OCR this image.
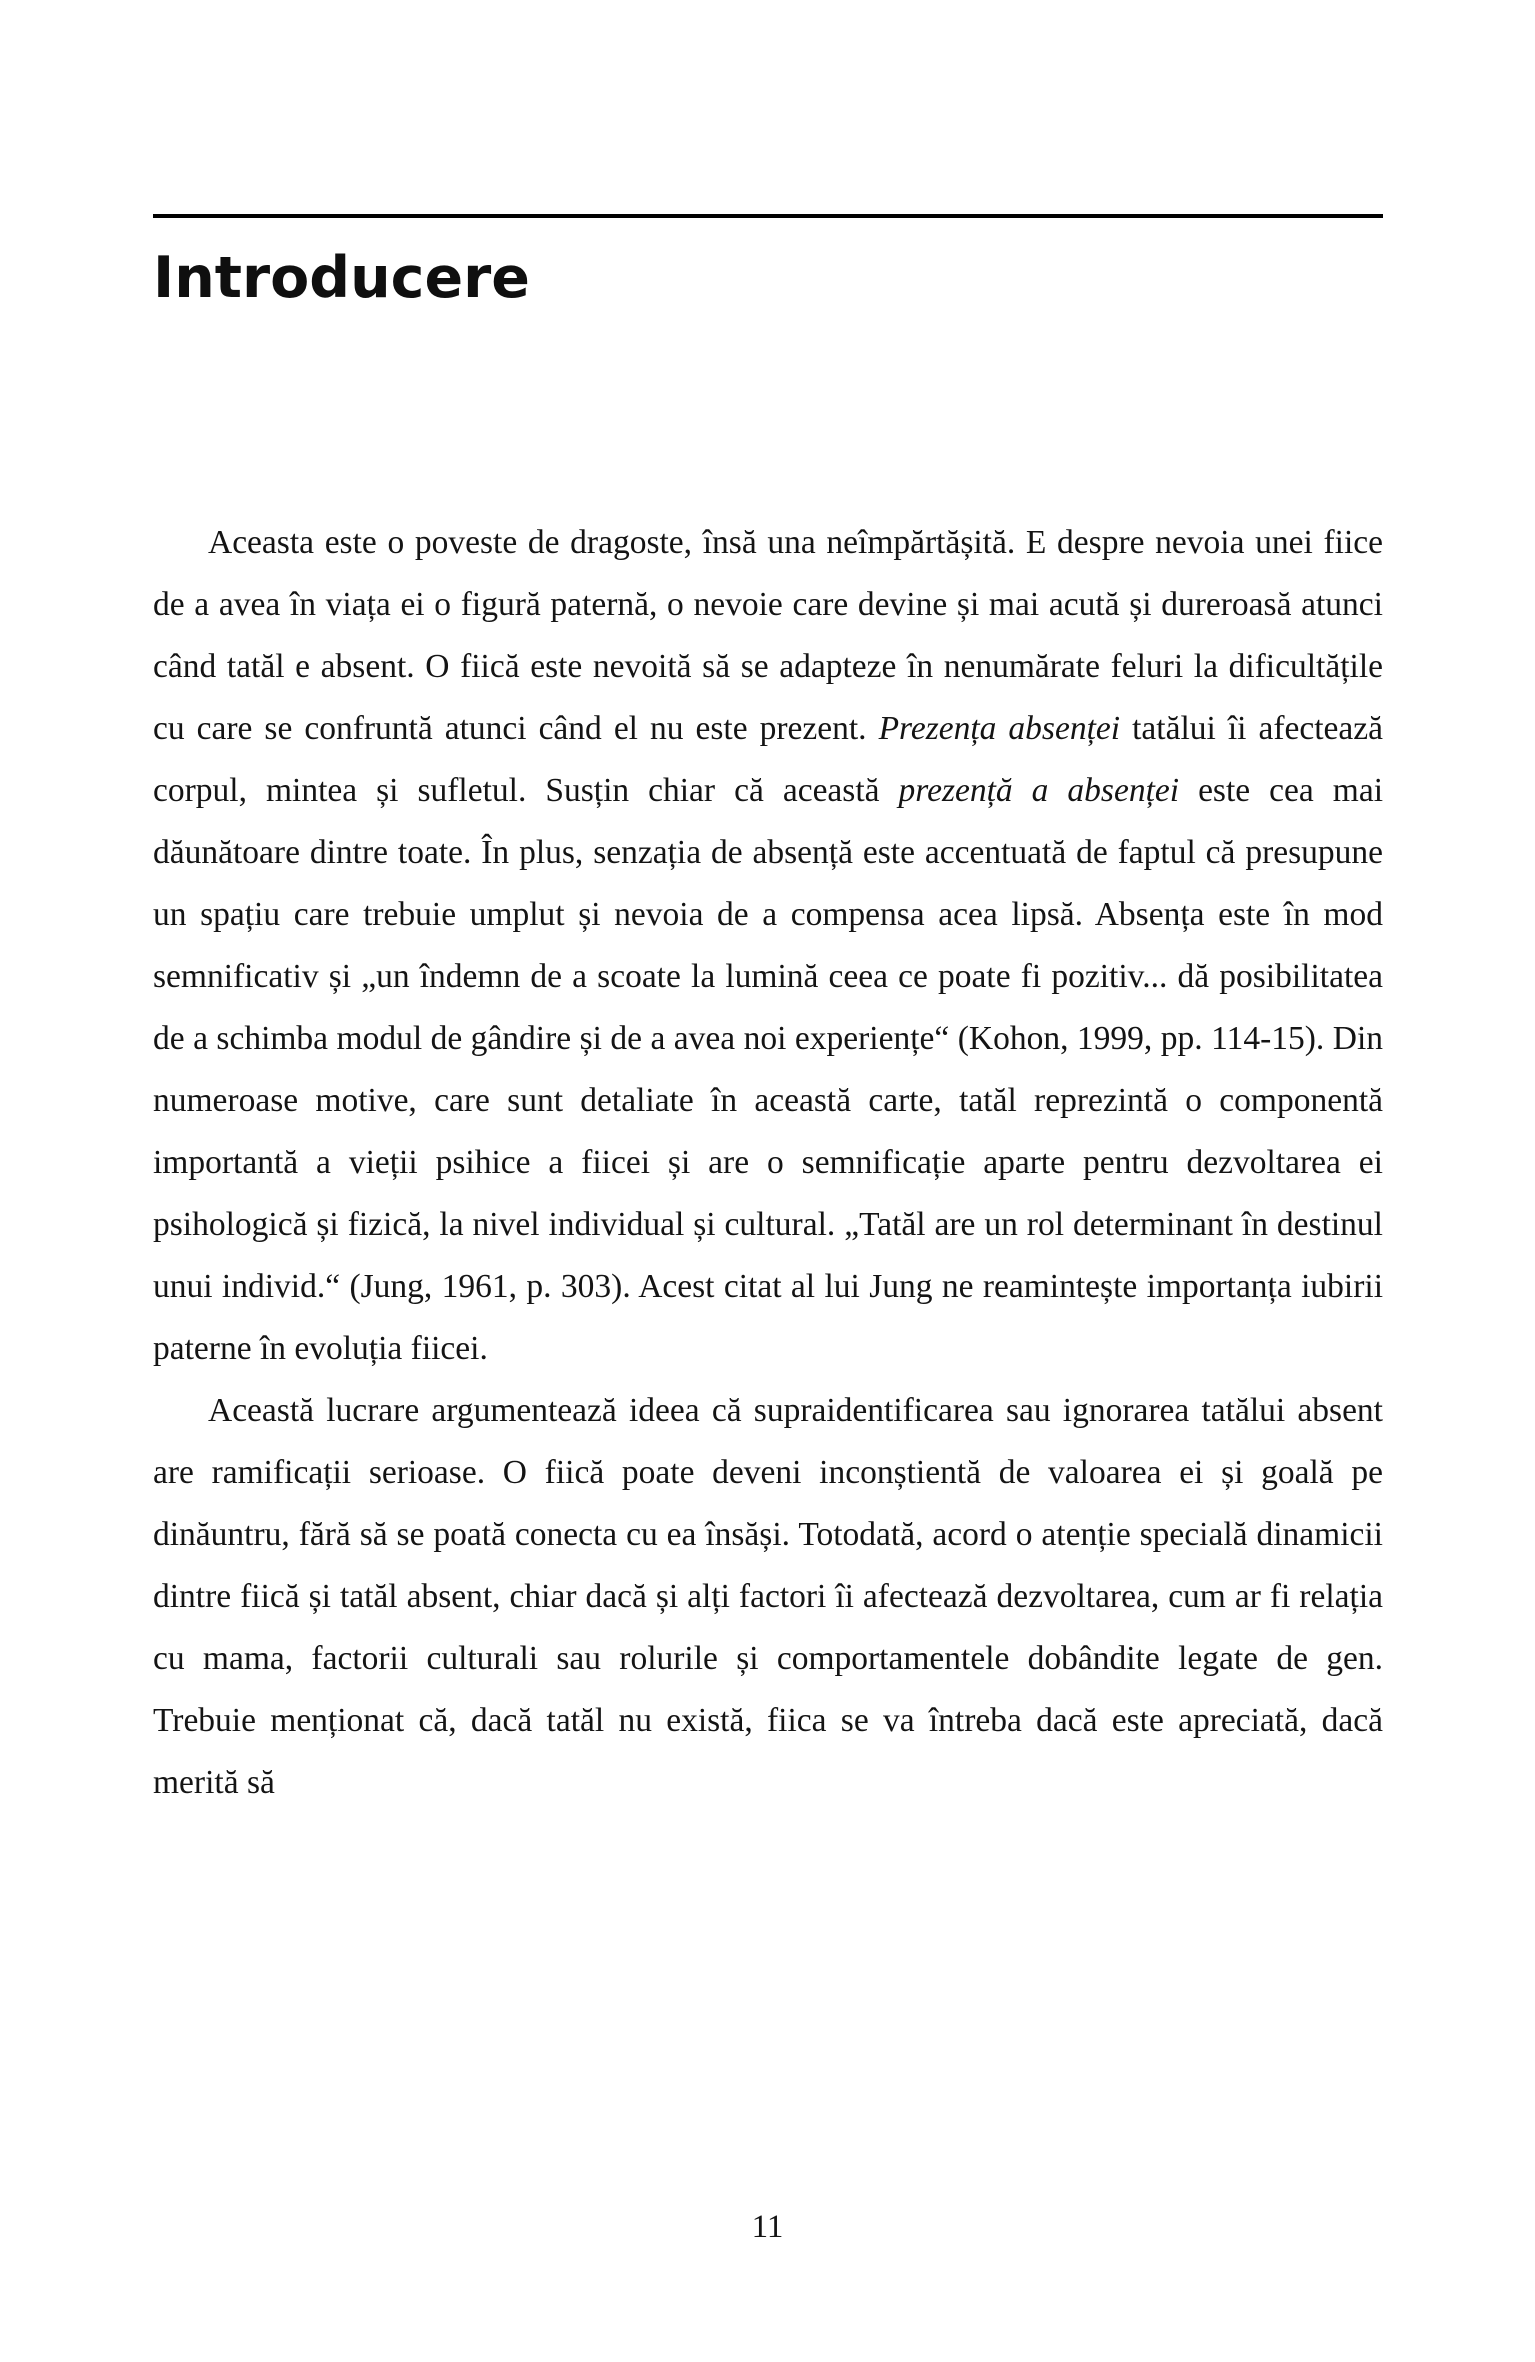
Introducere

Aceasta este o poveste de dragoste, însă una neîmpărtășită. E despre nevoia unei fiice de a avea în viața ei o figură paternă, o nevoie care devine și mai acută și dureroasă atunci când tatăl e absent. O fiică este nevoită să se adapteze în nenumărate feluri la dificultățile cu care se confruntă atunci când el nu este prezent. Prezența absenței tatălui îi afectează corpul, mintea și sufletul. Susțin chiar că această prezență a absenței este cea mai dăunătoare dintre toate. În plus, senzația de absență este accentuată de faptul că presupune un spațiu care trebuie umplut și nevoia de a compensa acea lipsă. Absența este în mod semnificativ și „un îndemn de a scoate la lumină ceea ce poate fi pozitiv... dă posibilitatea de a schimba modul de gândire și de a avea noi experiențe“ (Kohon, 1999, pp. 114-15). Din numeroase motive, care sunt detaliate în această carte, tatăl reprezintă o componentă importantă a vieții psihice a fiicei și are o semnificație aparte pentru dezvoltarea ei psihologică și fizică, la nivel individual și cultural. „Tatăl are un rol determinant în destinul unui individ.“ (Jung, 1961, p. 303). Acest citat al lui Jung ne reamintește importanța iubirii paterne în evoluția fiicei.

Această lucrare argumentează ideea că supraidentificarea sau ignorarea tatălui absent are ramificații serioase. O fiică poate deveni inconștientă de valoarea ei și goală pe dinăuntru, fără să se poată conecta cu ea însăși. Totodată, acord o atenție specială dinamicii dintre fiică și tatăl absent, chiar dacă și alți factori îi afectează dezvoltarea, cum ar fi relația cu mama, factorii culturali sau rolurile și comportamentele dobândite legate de gen. Trebuie menționat că, dacă tatăl nu există, fiica se va întreba dacă este apreciată, dacă merită să

11
